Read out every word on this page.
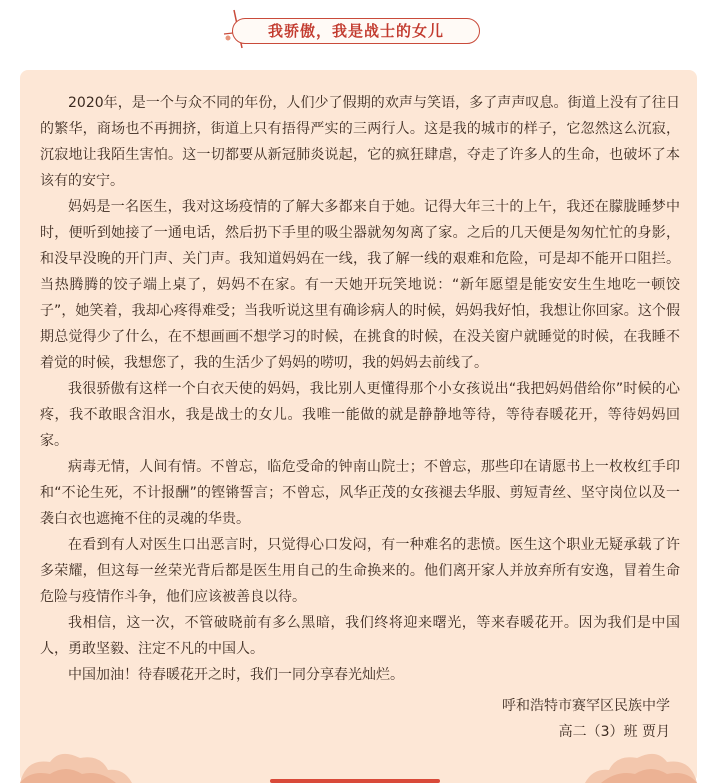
我骄傲，我是战士的女儿

2020年，是一个与众不同的年份，人们少了假期的欢声与笑语，多了声声叹息。街道上没有了往日的繁华，商场也不再拥挤，街道上只有捂得严实的三两行人。这是我的城市的样子，它忽然这么沉寂，沉寂地让我陌生害怕。这一切都要从新冠肺炎说起，它的疯狂肆虐，夺走了许多人的生命，也破坏了本该有的安宁。

妈妈是一名医生，我对这场疫情的了解大多都来自于她。记得大年三十的上午，我还在朦胧睡梦中时，便听到她接了一通电话，然后扔下手里的吸尘器就匆匆离了家。之后的几天便是匆匆忙忙的身影，和没早没晚的开门声、关门声。我知道妈妈在一线，我了解一线的艰难和危险，可是却不能开口阻拦。当热腾腾的饺子端上桌了，妈妈不在家。有一天她开玩笑地说：“新年愿望是能安安生生地吃一顿饺子”，她笑着，我却心疼得难受；当我听说这里有确诊病人的时候，妈妈我好怕，我想让你回家。这个假期总觉得少了什么，在不想画画不想学习的时候，在挑食的时候，在没关窗户就睡觉的时候，在我睡不着觉的时候，我想您了，我的生活少了妈妈的唠叨，我的妈妈去前线了。

我很骄傲有这样一个白衣天使的妈妈，我比别人更懂得那个小女孩说出“我把妈妈借给你”时候的心疼，我不敢眼含泪水，我是战士的女儿。我唯一能做的就是静静地等待，等待春暖花开，等待妈妈回家。

病毒无情，人间有情。不曾忘，临危受命的钟南山院士；不曾忘，那些印在请愿书上一枚枚红手印和“不论生死，不计报酬”的铿锵誓言；不曾忘，风华正茂的女孩褪去华服、剪短青丝、坚守岗位以及一袭白衣也遮掩不住的灵魂的华贵。

在看到有人对医生口出恶言时，只觉得心口发闷，有一种难名的悲愤。医生这个职业无疑承载了许多荣耀，但这每一丝荣光背后都是医生用自己的生命换来的。他们离开家人并放弃所有安逸，冒着生命危险与疫情作斗争，他们应该被善良以待。

我相信，这一次，不管破晓前有多么黑暗，我们终将迎来曙光，等来春暖花开。因为我们是中国人，勇敢坚毅、注定不凡的中国人。

中国加油！待春暖花开之时，我们一同分享春光灿烂。

呼和浩特市赛罕区民族中学
高二（3）班 贾月
